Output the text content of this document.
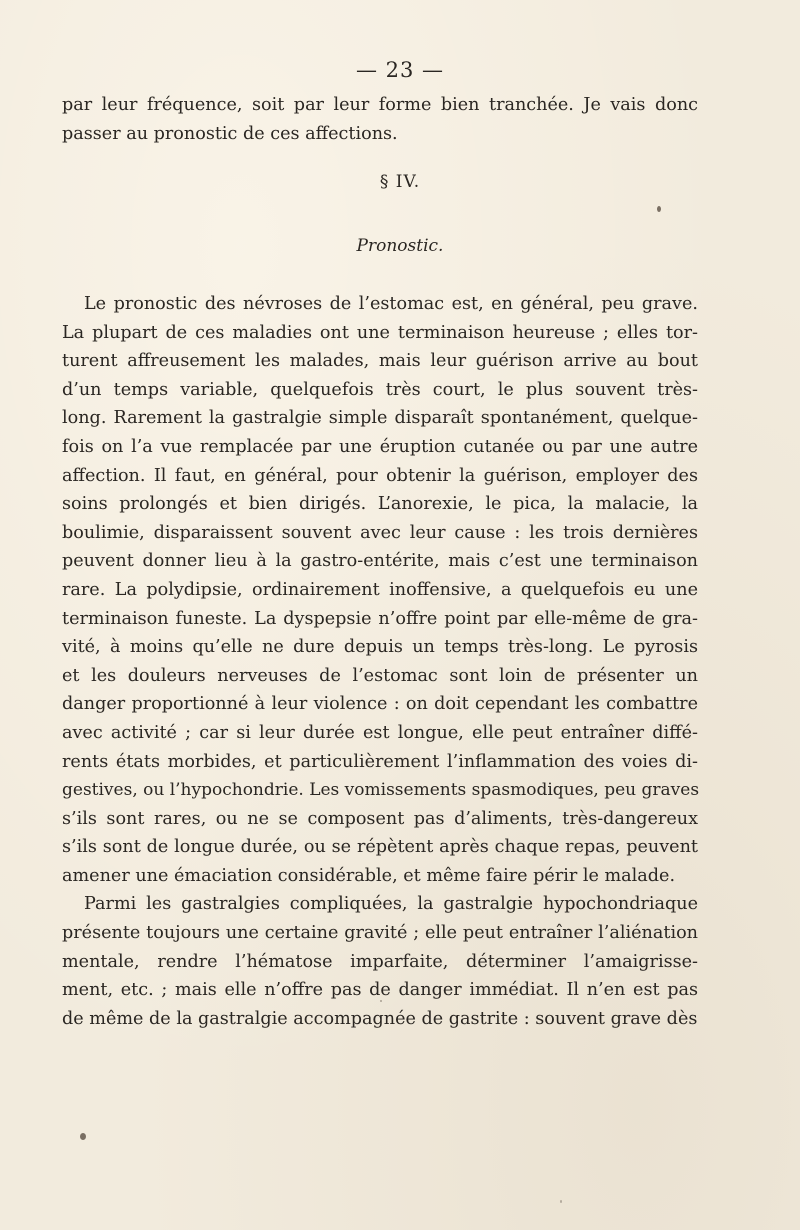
— 23 —
par leur fréquence, soit par leur forme bien tranchée. Je vais donc
passer au pronostic de ces affections.
§ IV.
Pronostic.
Le pronostic des névroses de l’estomac est, en général, peu grave.
La plupart de ces maladies ont une terminaison heureuse ; elles tor-
turent affreusement les malades, mais leur guérison arrive au bout
d’un temps variable, quelquefois très court, le plus souvent très-
long. Rarement la gastralgie simple disparaît spontanément, quelque-
fois on l’a vue remplacée par une éruption cutanée ou par une autre
affection. Il faut, en général, pour obtenir la guérison, employer des
soins prolongés et bien dirigés. L’anorexie, le pica, la malacie, la
boulimie, disparaissent souvent avec leur cause : les trois dernières
peuvent donner lieu à la gastro-entérite, mais c’est une terminaison
rare. La polydipsie, ordinairement inoffensive, a quelquefois eu une
terminaison funeste. La dyspepsie n’offre point par elle-même de gra-
vité, à moins qu’elle ne dure depuis un temps très-long. Le pyrosis
et les douleurs nerveuses de l’estomac sont loin de présenter un
danger proportionné à leur violence : on doit cependant les combattre
avec activité ; car si leur durée est longue, elle peut entraîner diffé-
rents états morbides, et particulièrement l’inflammation des voies di-
gestives, ou l’hypochondrie. Les vomissements spasmodiques, peu graves
s’ils sont rares, ou ne se composent pas d’aliments, très-dangereux
s’ils sont de longue durée, ou se répètent après chaque repas, peuvent
amener une émaciation considérable, et même faire périr le malade.
Parmi les gastralgies compliquées, la gastralgie hypochondriaque
présente toujours une certaine gravité ; elle peut entraîner l’aliénation
mentale, rendre l’hématose imparfaite, déterminer l’amaigrisse-
ment, etc. ; mais elle n’offre pas de danger immédiat. Il n’en est pas
de même de la gastralgie accompagnée de gastrite : souvent grave dès
